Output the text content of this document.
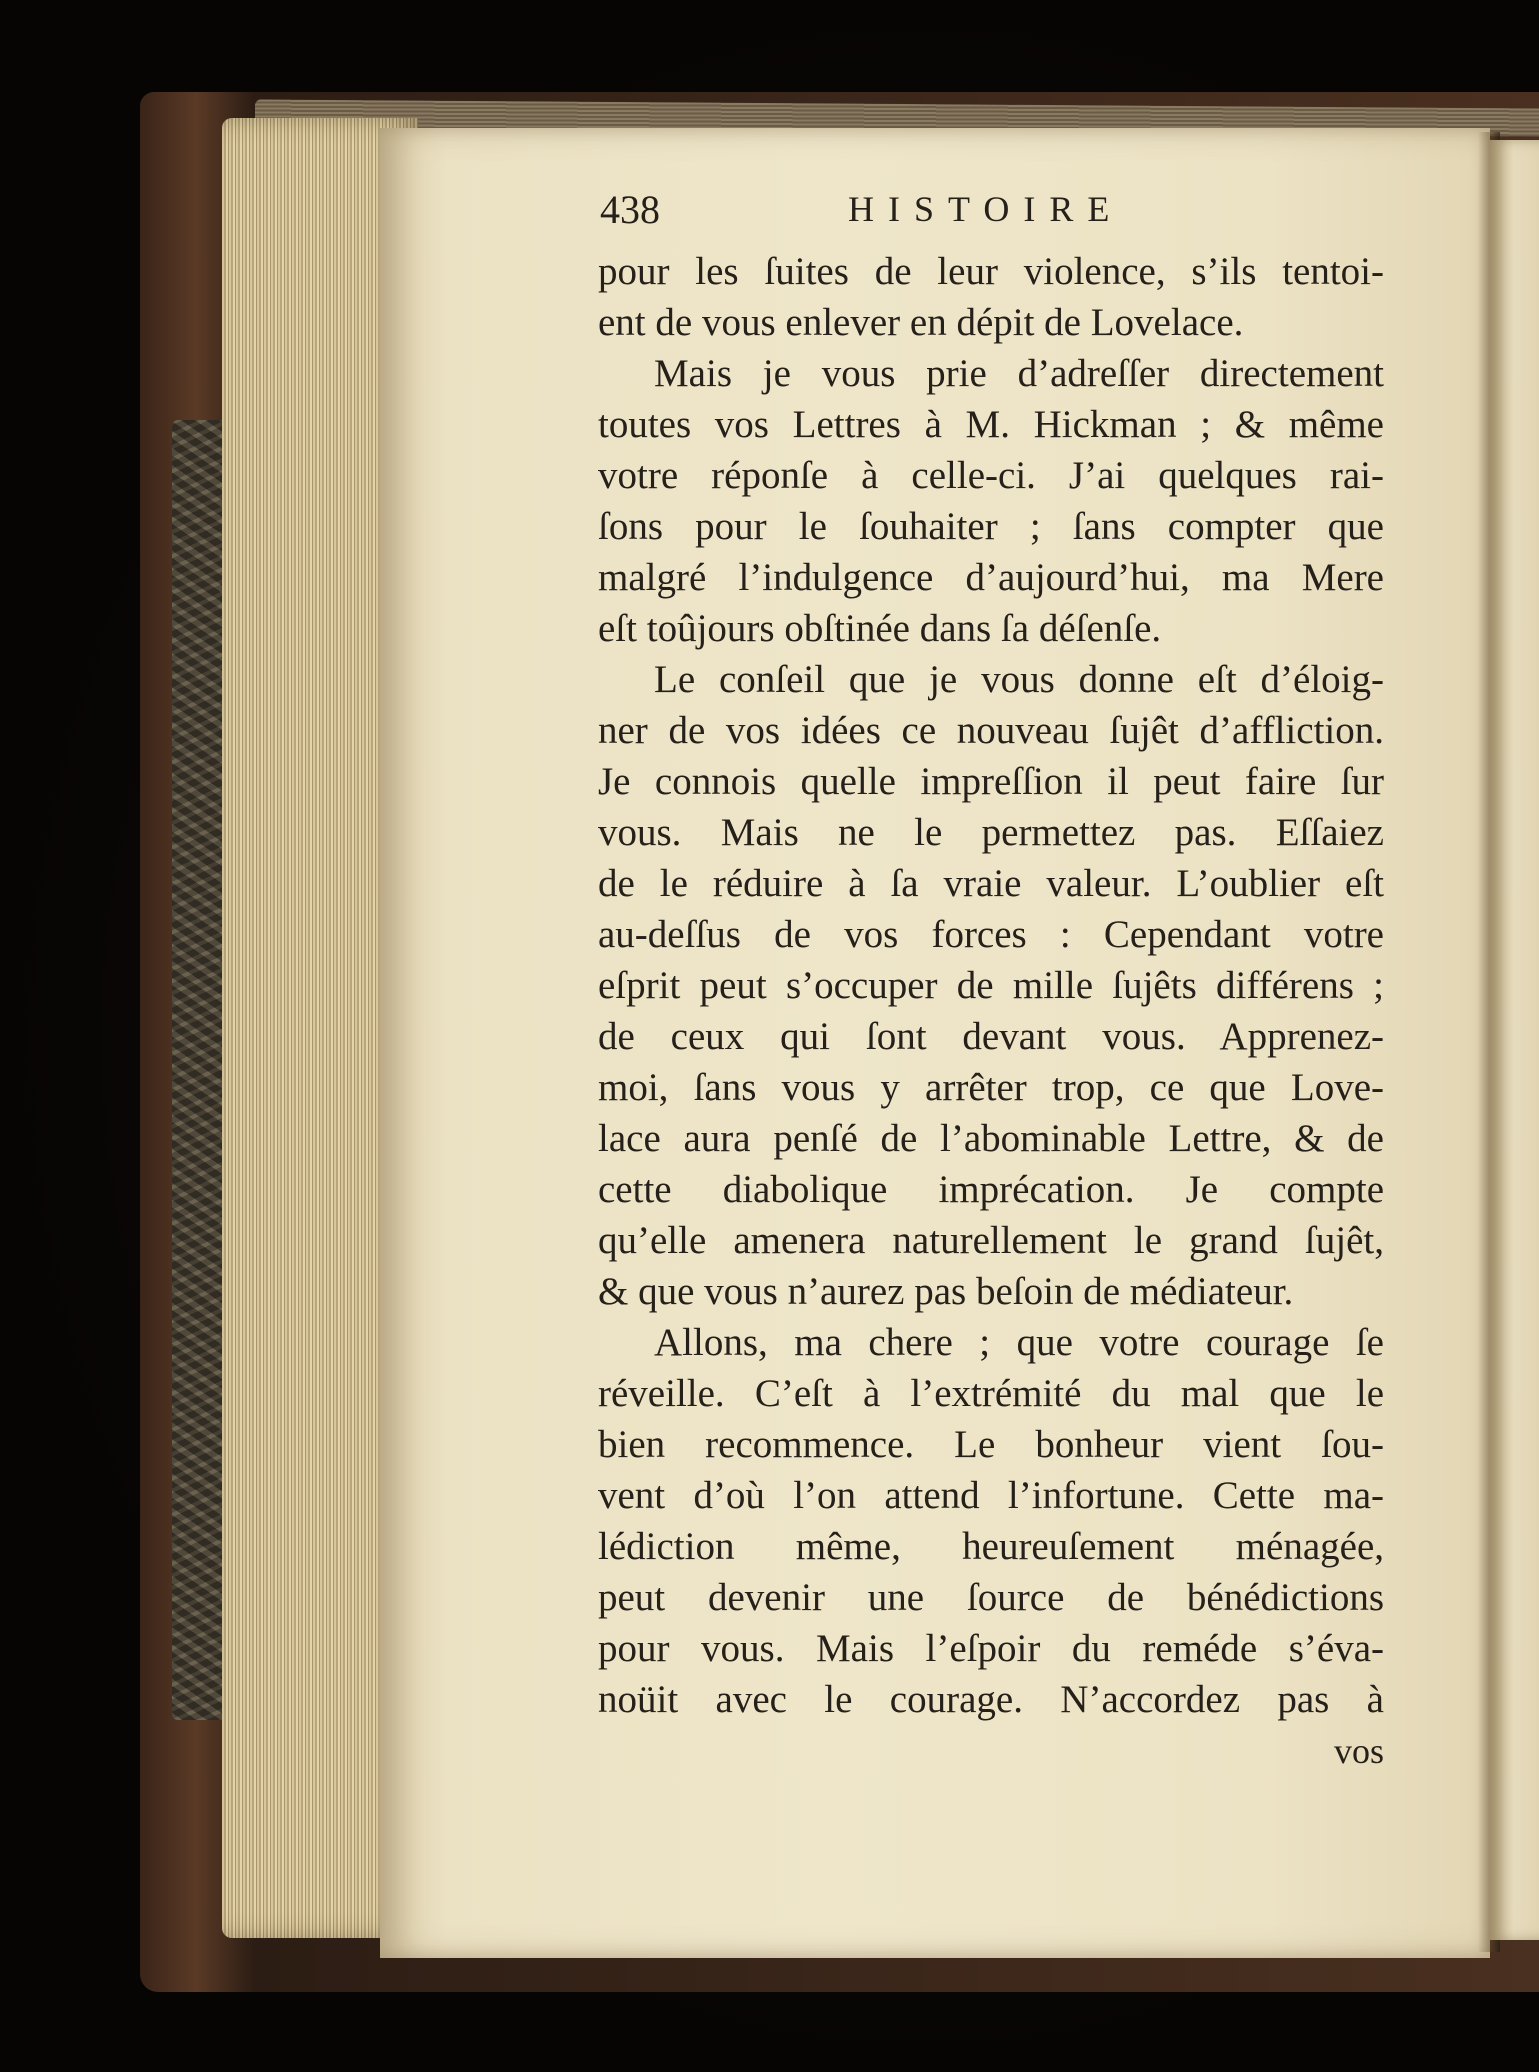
438	HISTOIRE
pour les ſuites de leur violence, s’ils tentoi-
ent de vous enlever en dépit de Lovelace.
Mais je vous prie d’adreſſer directement
toutes vos Lettres à M. Hickman ; & même
votre réponſe à celle-ci. J’ai quelques rai-
ſons pour le ſouhaiter ; ſans compter que
malgré l’indulgence d’aujourd’hui, ma Mere
eſt toûjours obſtinée dans ſa déſenſe.
Le conſeil que je vous donne eſt d’éloig-
ner de vos idées ce nouveau ſujêt d’affliction.
Je connois quelle impreſſion il peut faire ſur
vous. Mais ne le permettez pas. Eſſaiez
de le réduire à ſa vraie valeur. L’oublier eſt
au-deſſus de vos forces : Cependant votre
eſprit peut s’occuper de mille ſujêts différens ;
de ceux qui ſont devant vous. Apprenez-
moi, ſans vous y arrêter trop, ce que Love-
lace aura penſé de l’abominable Lettre, & de
cette diabolique imprécation. Je compte
qu’elle amenera naturellement le grand ſujêt,
& que vous n’aurez pas beſoin de médiateur.
Allons, ma chere ; que votre courage ſe
réveille. C’eſt à l’extrémité du mal que le
bien recommence. Le bonheur vient ſou-
vent d’où l’on attend l’infortune. Cette ma-
lédiction même, heureuſement ménagée,
peut devenir une ſource de bénédictions
pour vous. Mais l’eſpoir du reméde s’éva-
noüit avec le courage. N’accordez pas à
vos
